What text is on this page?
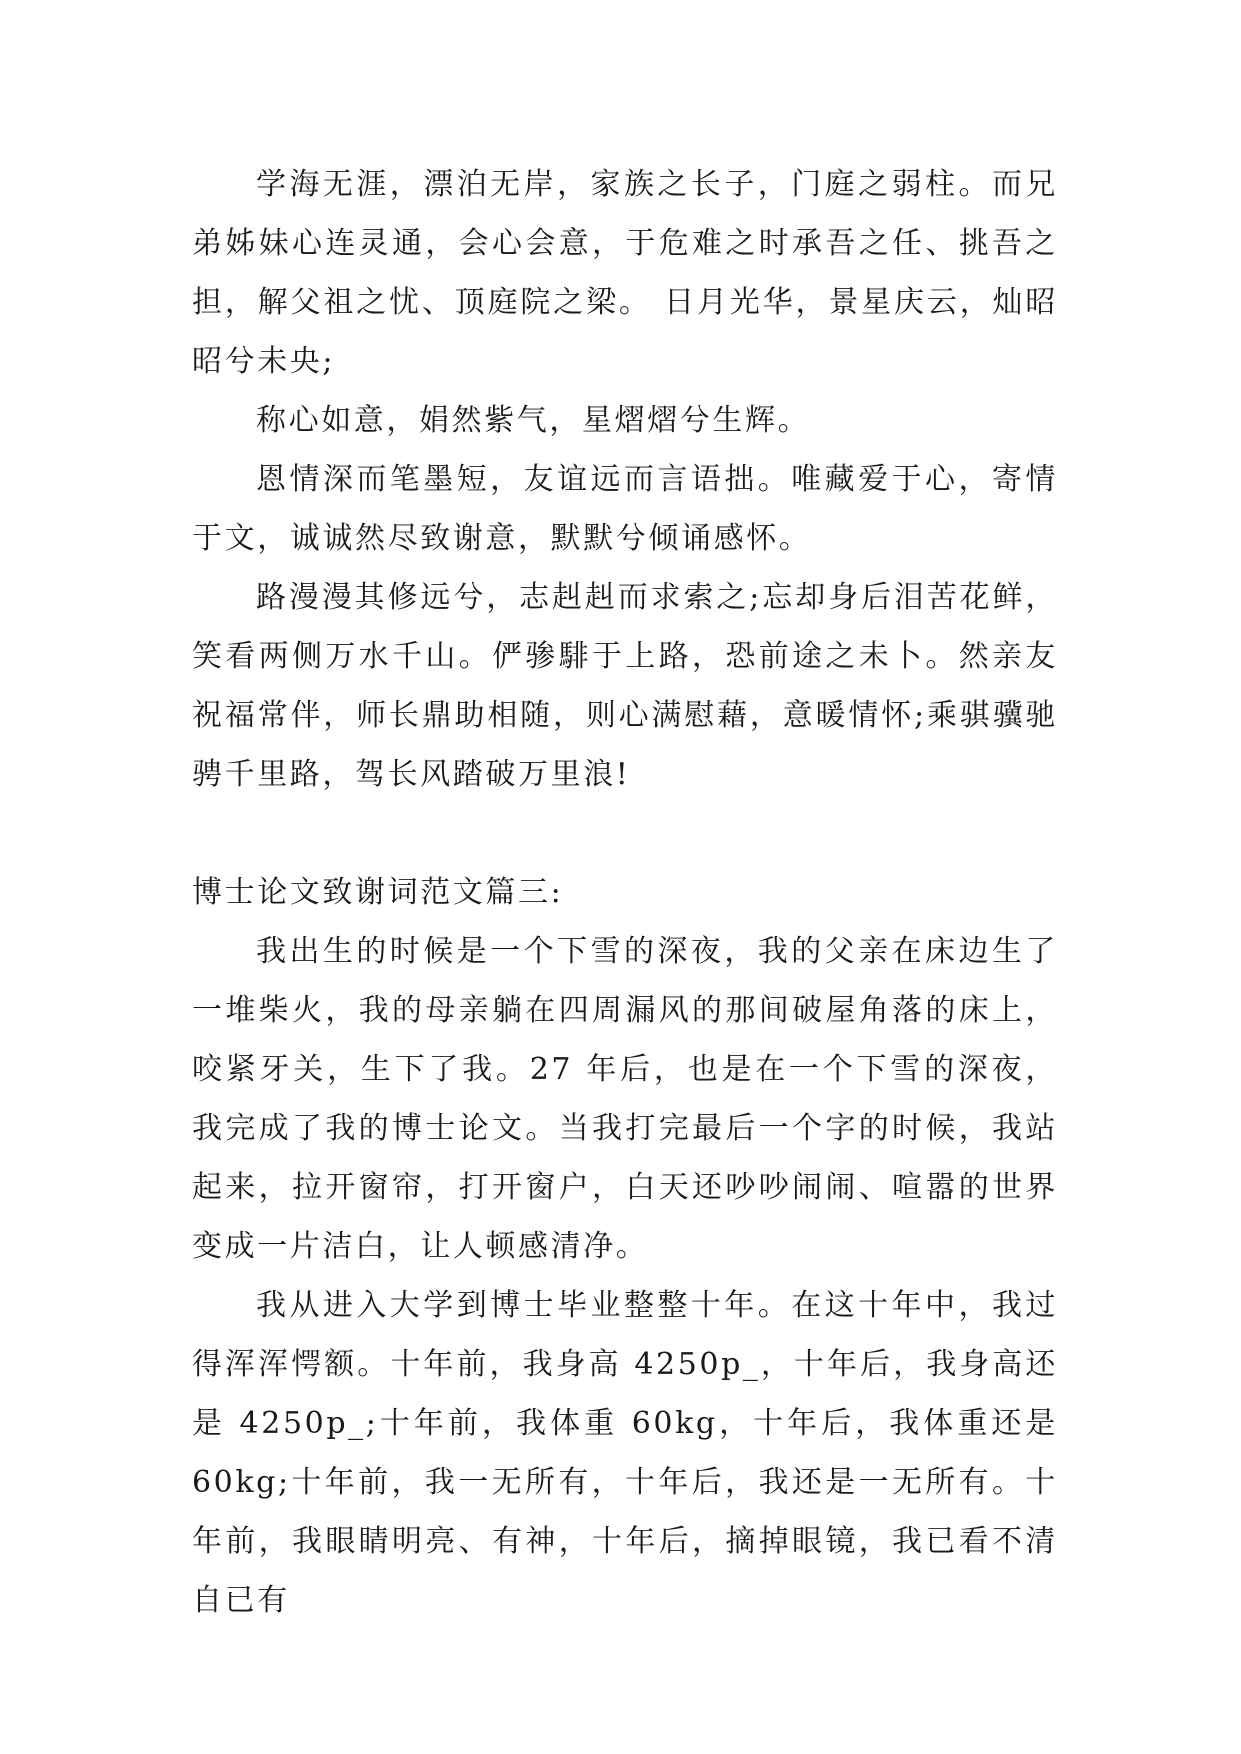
学海无涯，漂泊无岸，家族之长子，门庭之弱柱。而兄弟姊妹心连灵通，会心会意，于危难之时承吾之任、挑吾之担，解父祖之忧、顶庭院之梁。 日月光华，景星庆云，灿昭昭兮未央;

称心如意，娟然紫气，星熠熠兮生辉。

恩情深而笔墨短，友谊远而言语拙。唯藏爱于心，寄情于文，诚诚然尽致谢意，默默兮倾诵感怀。

路漫漫其修远兮，志赳赳而求索之;忘却身后泪苦花鲜，笑看两侧万水千山。俨骖騑于上路，恐前途之未卜。然亲友祝福常伴，师长鼎助相随，则心满慰藉，意暖情怀;乘骐骥驰骋千里路，驾长风踏破万里浪!

博士论文致谢词范文篇三:

我出生的时候是一个下雪的深夜，我的父亲在床边生了一堆柴火，我的母亲躺在四周漏风的那间破屋角落的床上，咬紧牙关，生下了我。27 年后，也是在一个下雪的深夜，我完成了我的博士论文。当我打完最后一个字的时候，我站起来，拉开窗帘，打开窗户，白天还吵吵闹闹、喧嚣的世界变成一片洁白，让人顿感清净。

我从进入大学到博士毕业整整十年。在这十年中，我过得浑浑愕额。十年前，我身高 4250p_，十年后，我身高还是 4250p_;十年前，我体重 60kg，十年后，我体重还是 60kg;十年前，我一无所有，十年后，我还是一无所有。十年前，我眼睛明亮、有神，十年后，摘掉眼镜，我已看不清自已有
